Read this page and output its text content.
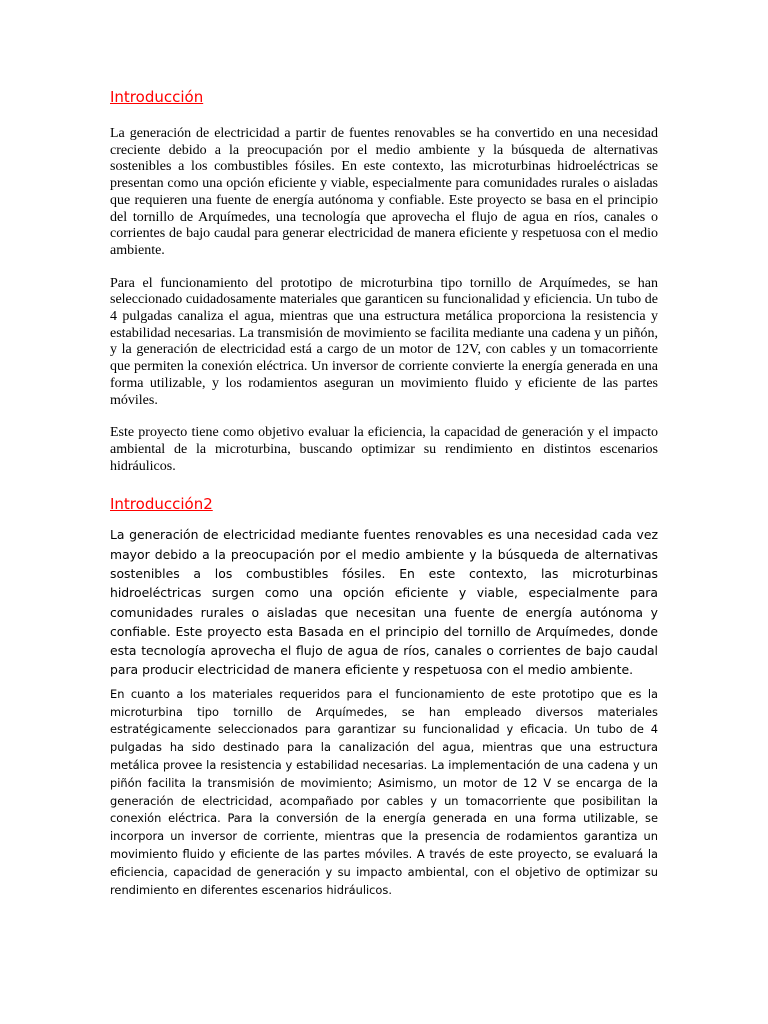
Introducción

La generación de electricidad a partir de fuentes renovables se ha convertido en una necesidad creciente debido a la preocupación por el medio ambiente y la búsqueda de alternativas sostenibles a los combustibles fósiles. En este contexto, las microturbinas hidroeléctricas se presentan como una opción eficiente y viable, especialmente para comunidades rurales o aisladas que requieren una fuente de energía autónoma y confiable. Este proyecto se basa en el principio del tornillo de Arquímedes, una tecnología que aprovecha el flujo de agua en ríos, canales o corrientes de bajo caudal para generar electricidad de manera eficiente y respetuosa con el medio ambiente.

Para el funcionamiento del prototipo de microturbina tipo tornillo de Arquímedes, se han seleccionado cuidadosamente materiales que garanticen su funcionalidad y eficiencia. Un tubo de 4 pulgadas canaliza el agua, mientras que una estructura metálica proporciona la resistencia y estabilidad necesarias. La transmisión de movimiento se facilita mediante una cadena y un piñón, y la generación de electricidad está a cargo de un motor de 12V, con cables y un tomacorriente que permiten la conexión eléctrica. Un inversor de corriente convierte la energía generada en una forma utilizable, y los rodamientos aseguran un movimiento fluido y eficiente de las partes móviles.

Este proyecto tiene como objetivo evaluar la eficiencia, la capacidad de generación y el impacto ambiental de la microturbina, buscando optimizar su rendimiento en distintos escenarios hidráulicos.

Introducción2

La generación de electricidad mediante fuentes renovables es una necesidad cada vez mayor debido a la preocupación por el medio ambiente y la búsqueda de alternativas sostenibles a los combustibles fósiles. En este contexto, las microturbinas hidroeléctricas surgen como una opción eficiente y viable, especialmente para comunidades rurales o aisladas que necesitan una fuente de energía autónoma y confiable. Este proyecto esta Basada en el principio del tornillo de Arquímedes, donde esta tecnología aprovecha el flujo de agua de ríos, canales o corrientes de bajo caudal para producir electricidad de manera eficiente y respetuosa con el medio ambiente.

En cuanto a los materiales requeridos para el funcionamiento de este prototipo que es la microturbina tipo tornillo de Arquímedes, se han empleado diversos materiales estratégicamente seleccionados para garantizar su funcionalidad y eficacia. Un tubo de 4 pulgadas ha sido destinado para la canalización del agua, mientras que una estructura metálica provee la resistencia y estabilidad necesarias. La implementación de una cadena y un piñón facilita la transmisión de movimiento; Asimismo, un motor de 12 V se encarga de la generación de electricidad, acompañado por cables y un tomacorriente que posibilitan la conexión eléctrica. Para la conversión de la energía generada en una forma utilizable, se incorpora un inversor de corriente, mientras que la presencia de rodamientos garantiza un movimiento fluido y eficiente de las partes móviles. A través de este proyecto, se evaluará la eficiencia, capacidad de generación y su impacto ambiental, con el objetivo de optimizar su rendimiento en diferentes escenarios hidráulicos.
